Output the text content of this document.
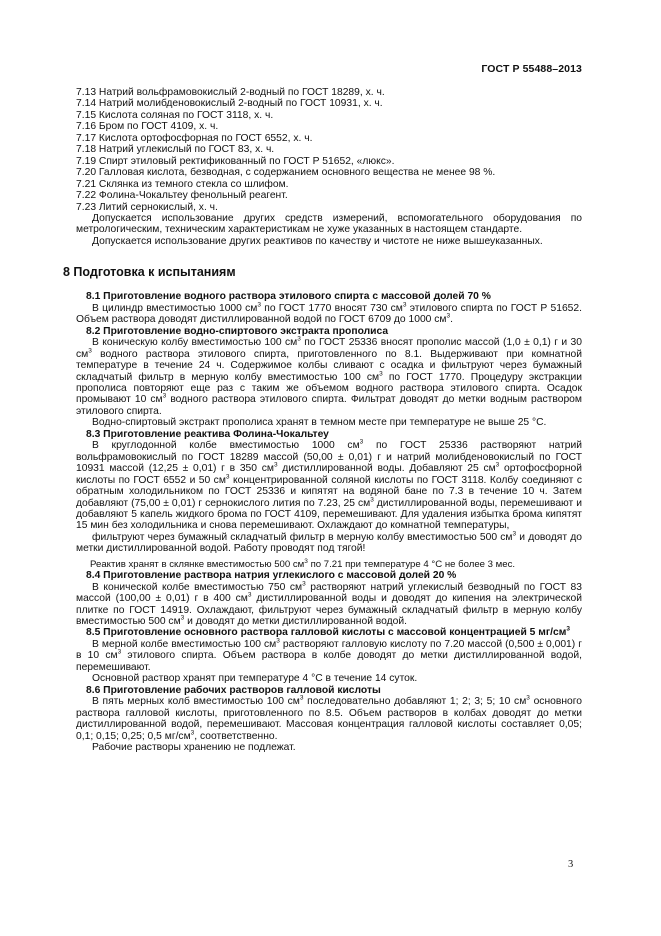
ГОСТ Р 55488–2013

7.13 Натрий вольфрамовокислый 2-водный по ГОСТ 18289, х. ч.

7.14 Натрий молибденовокислый 2-водный по ГОСТ 10931, х. ч.

7.15 Кислота соляная по ГОСТ 3118, х. ч.

7.16 Бром по ГОСТ 4109, х. ч.

7.17 Кислота ортофосфорная по ГОСТ 6552, х. ч.

7.18 Натрий углекислый по ГОСТ 83, х. ч.

7.19 Спирт этиловый ректификованный по ГОСТ Р 51652, «люкс».

7.20 Галловая кислота, безводная, с содержанием основного вещества не менее 98 %.

7.21 Склянка из темного стекла со шлифом.

7.22 Фолина-Чокальтеу фенольный реагент.

7.23 Литий сернокислый, х. ч.

Допускается использование других средств измерений, вспомогательного оборудования по метрологическим, техническим характеристикам не хуже указанных в настоящем стандарте.

Допускается использование других реактивов по качеству и чистоте не ниже вышеуказанных.

8 Подготовка к испытаниям

8.1 Приготовление водного раствора этилового спирта с массовой долей 70 %

В цилиндр вместимостью 1000 $см^3$ по ГОСТ 1770 вносят 730 $см^3$ этилового спирта по ГОСТ Р 51652. Объем раствора доводят дистиллированной водой по ГОСТ 6709 до 1000 $см^3$.

8.2 Приготовление водно-спиртового экстракта прополиса

В коническую колбу вместимостью 100 $см^3$ по ГОСТ 25336 вносят прополис массой (1,0 ± 0,1) г и 30 $см^3$ водного раствора этилового спирта, приготовленного по 8.1. Выдерживают при комнатной температуре в течение 24 ч. Содержимое колбы сливают с осадка и фильтруют через бумажный складчатый фильтр в мерную колбу вместимостью 100 $см^3$ по ГОСТ 1770. Процедуру экстракции прополиса повторяют еще раз с таким же объемом водного раствора этилового спирта. Осадок промывают 10 $см^3$ водного раствора этилового спирта. Фильтрат доводят до метки водным раствором этилового спирта.

Водно-спиртовый экстракт прополиса хранят в темном месте при температуре не выше 25 °С.

8.3 Приготовление реактива Фолина-Чокальтеу

В круглодонной колбе вместимостью 1000 $см^3$ по ГОСТ 25336 растворяют натрий вольфрамовокислый по ГОСТ 18289 массой (50,00 ± 0,01) г и натрий молибденовокислый по ГОСТ 10931 массой (12,25 ± 0,01) г в 350 $см^3$ дистиллированной воды. Добавляют 25 $см^3$ ортофосфорной кислоты по ГОСТ 6552 и 50 $см^3$ концентрированной соляной кислоты по ГОСТ 3118. Колбу соединяют с обратным холодильником по ГОСТ 25336 и кипятят на водяной бане по 7.3 в течение 10 ч. Затем добавляют (75,00 ± 0,01) г сернокислого лития по 7.23, 25 $см^3$ дистиллированной воды, перемешивают и добавляют 5 капель жидкого брома по ГОСТ 4109, перемешивают. Для удаления избытка брома кипятят 15 мин без холодильника и снова перемешивают. Охлаждают до комнатной температуры,

фильтруют через бумажный складчатый фильтр в мерную колбу вместимостью 500 $см^3$ и доводят до метки дистиллированной водой. Работу проводят под тягой!

Реактив хранят в склянке вместимостью 500 $см^3$ по 7.21 при температуре 4 °С не более 3 мес.

8.4 Приготовление раствора натрия углекислого с массовой долей 20 %

В конической колбе вместимостью 750 $см^3$ растворяют натрий углекислый безводный по ГОСТ 83 массой (100,00 ± 0,01) г в 400 $см^3$ дистиллированной воды и доводят до кипения на электрической плитке по ГОСТ 14919. Охлаждают, фильтруют через бумажный складчатый фильтр в мерную колбу вместимостью 500 $см^3$ и доводят до метки дистиллированной водой.

8.5 Приготовление основного раствора галловой кислоты с массовой концентрацией 5 $мг/см^3$

В мерной колбе вместимостью 100 $см^3$ растворяют галловую кислоту по 7.20 массой (0,500 ± 0,001) г в 10 $см^3$ этилового спирта. Объем раствора в колбе доводят до метки дистиллированной водой, перемешивают.

Основной раствор хранят при температуре 4 °С в течение 14 суток.

8.6 Приготовление рабочих растворов галловой кислоты

В пять мерных колб вместимостью 100 $см^3$ последовательно добавляют 1; 2; 3; 5; 10 $см^3$ основного раствора галловой кислоты, приготовленного по 8.5. Объем растворов в колбах доводят до метки дистиллированной водой, перемешивают. Массовая концентрация галловой кислоты составляет 0,05; 0,1; 0,15; 0,25; 0,5 $мг/см^3$, соответственно.

Рабочие растворы хранению не подлежат.

3
